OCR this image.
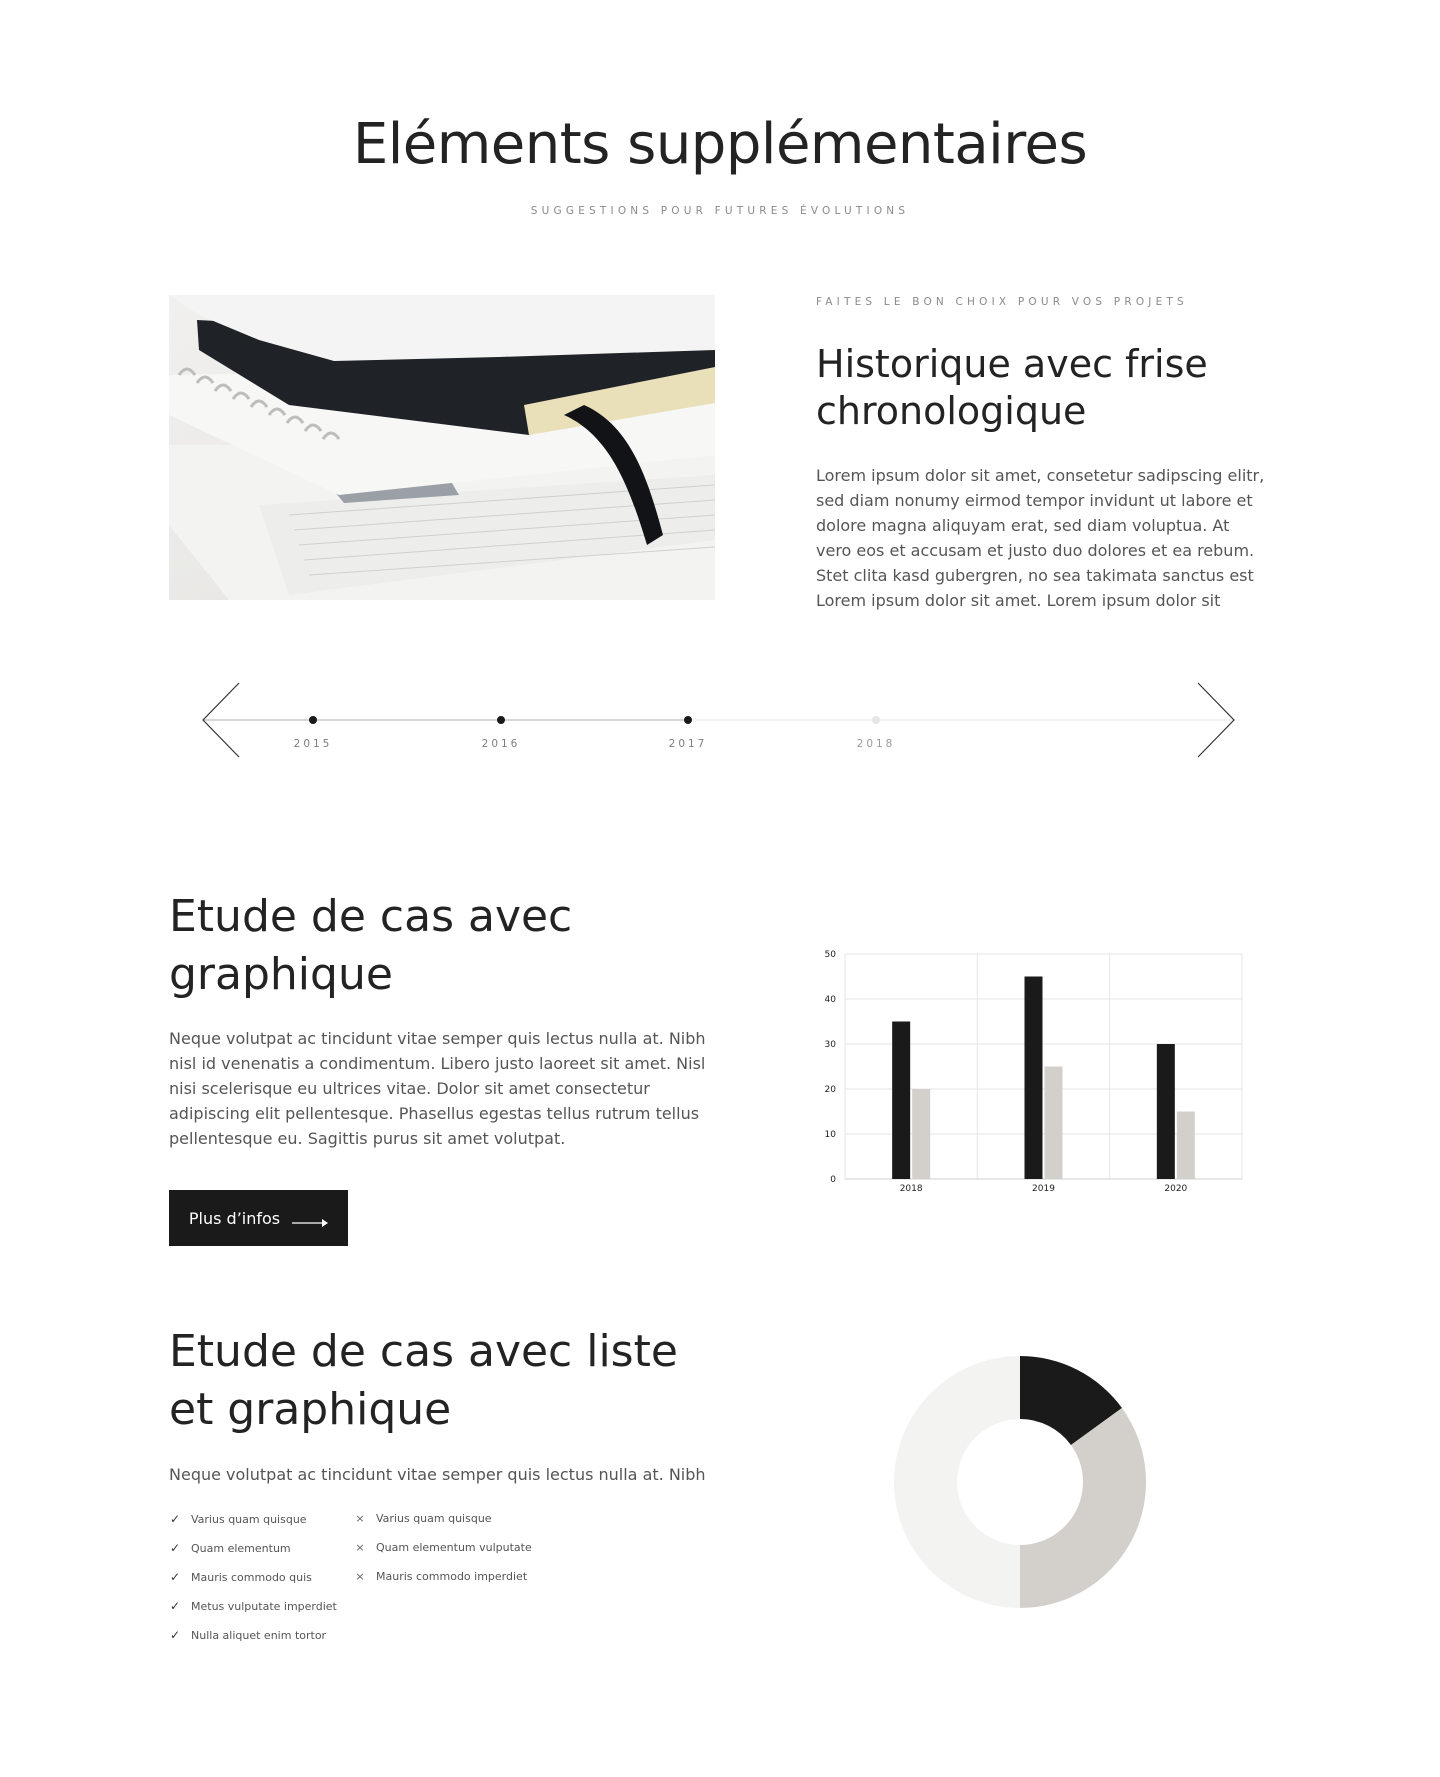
Eléments supplémentaires
SUGGESTIONS POUR FUTURES ÉVOLUTIONS
FAITES LE BON CHOIX POUR VOS PROJETS
Historique avec frise
chronologique
Lorem ipsum dolor sit amet, consetetur sadipscing elitr, sed diam nonumy eirmod tempor invidunt ut labore et dolore magna aliquyam erat, sed diam voluptua. At vero eos et accusam et justo duo dolores et ea rebum. Stet clita kasd gubergren, no sea takimata sanctus est Lorem ipsum dolor sit amet. Lorem ipsum dolor sit
2015	2016	2017	2018
Etude de cas avec
graphique
Neque volutpat ac tincidunt vitae semper quis lectus nulla at. Nibh nisl id venenatis a condimentum. Libero justo laoreet sit amet. Nisl nisi scelerisque eu ultrices vitae. Dolor sit amet consectetur adipiscing elit pellentesque. Phasellus egestas tellus rutrum tellus pellentesque eu. Sagittis purus sit amet volutpat.
Plus d’infos
0
10
20
30
40
50
2018	2019	2020
Etude de cas avec liste
et graphique
Neque volutpat ac tincidunt vitae semper quis lectus nulla at. Nibh
✓ Varius quam quisque
✓ Quam elementum
✓ Mauris commodo quis
✓ Metus vulputate imperdiet
✓ Nulla aliquet enim tortor
× Varius quam quisque
× Quam elementum vulputate
× Mauris commodo imperdiet
